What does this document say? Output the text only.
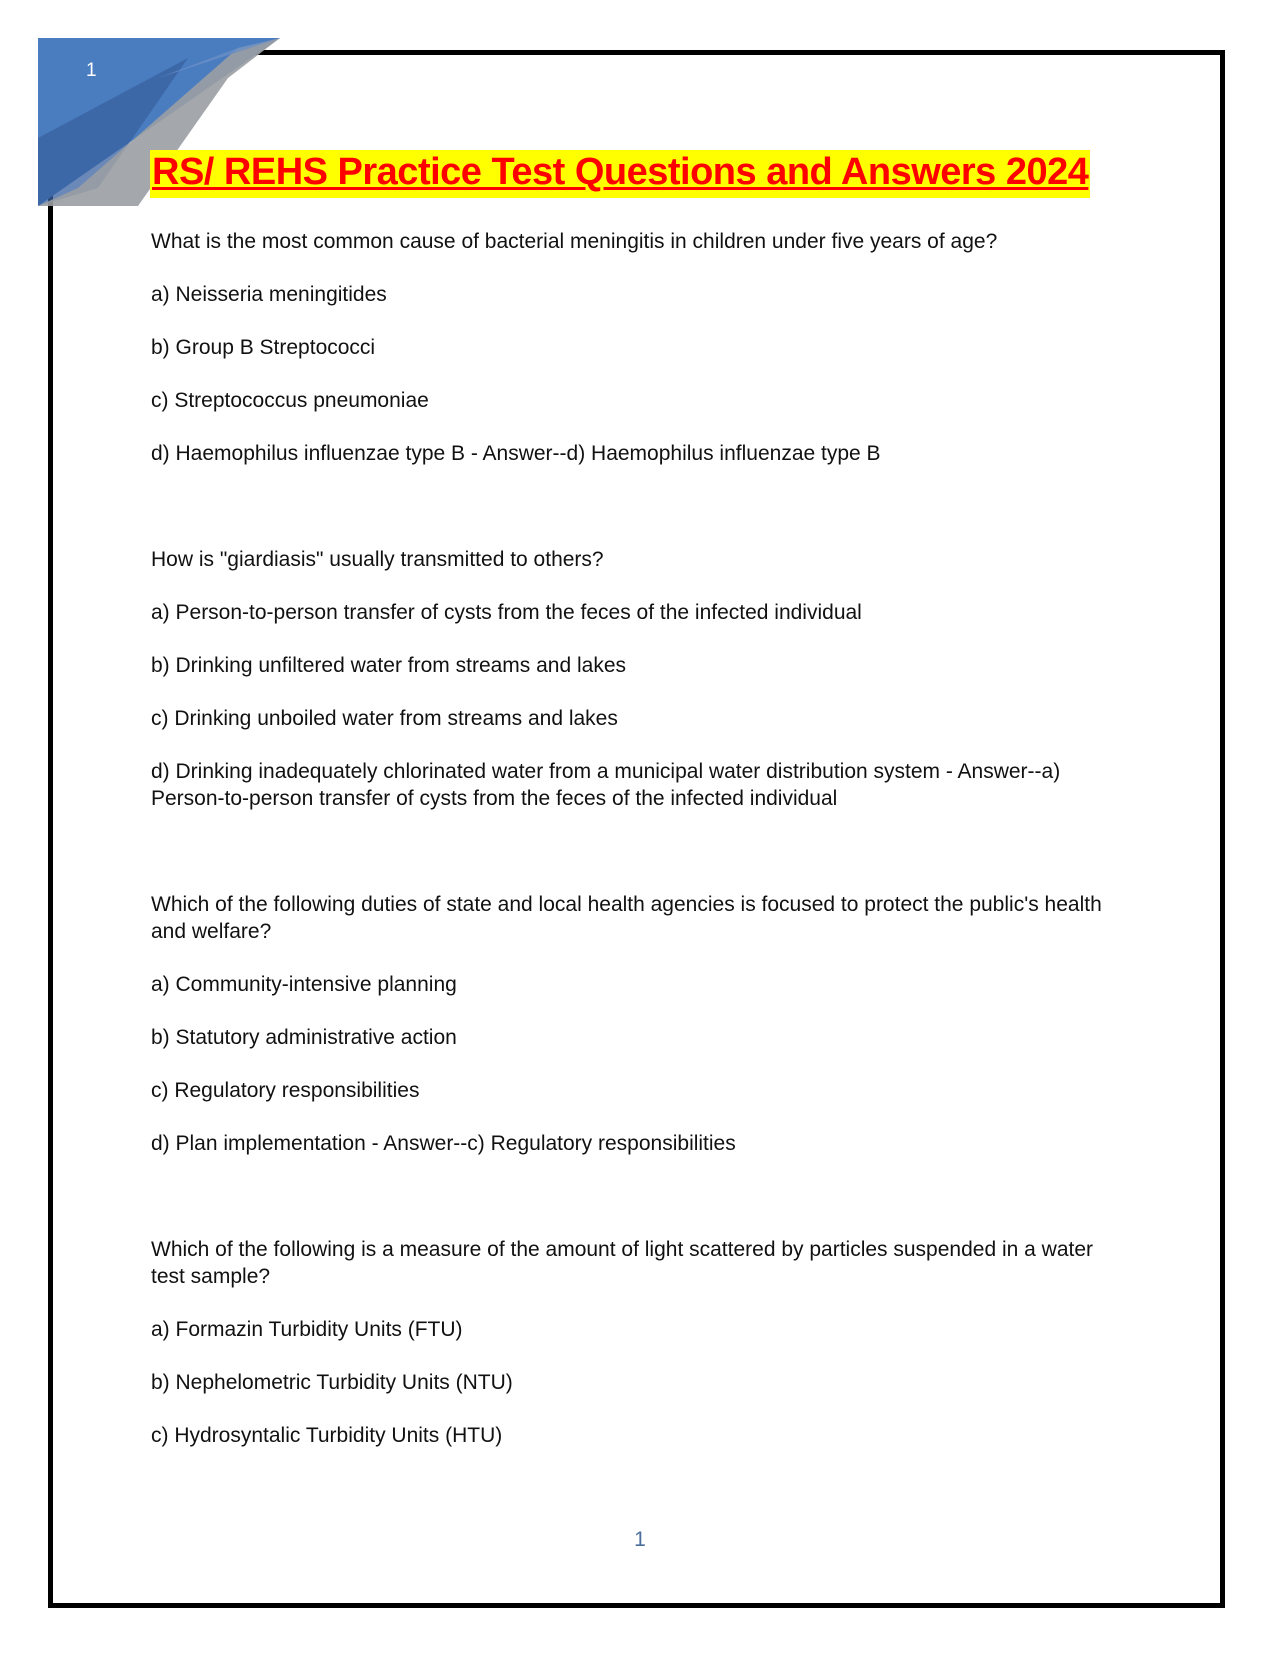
1
RS/ REHS Practice Test Questions and Answers 2024

What is the most common cause of bacterial meningitis in children under five years of age?

a) Neisseria meningitides

b) Group B Streptococci

c) Streptococcus pneumoniae

d) Haemophilus influenzae type B - Answer--d) Haemophilus influenzae type B

How is "giardiasis" usually transmitted to others?

a) Person-to-person transfer of cysts from the feces of the infected individual

b) Drinking unfiltered water from streams and lakes

c) Drinking unboiled water from streams and lakes

d) Drinking inadequately chlorinated water from a municipal water distribution system - Answer--a) Person-to-person transfer of cysts from the feces of the infected individual

Which of the following duties of state and local health agencies is focused to protect the public's health and welfare?

a) Community-intensive planning

b) Statutory administrative action

c) Regulatory responsibilities

d) Plan implementation - Answer--c) Regulatory responsibilities

Which of the following is a measure of the amount of light scattered by particles suspended in a water test sample?

a) Formazin Turbidity Units (FTU)

b) Nephelometric Turbidity Units (NTU)

c) Hydrosyntalic Turbidity Units (HTU)

1
